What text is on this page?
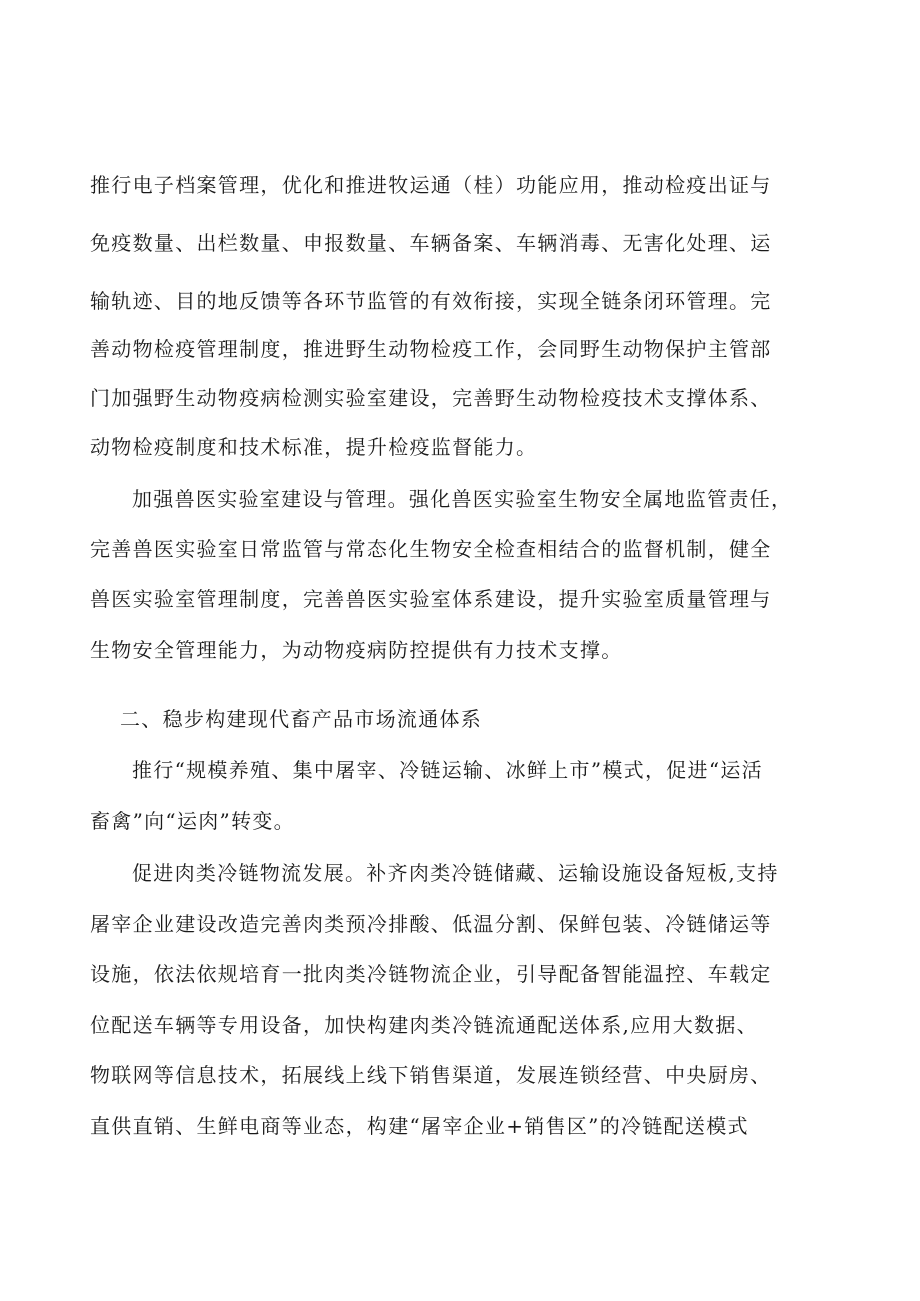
推行电子档案管理，优化和推进牧运通（桂）功能应用，推动检疫出证与

免疫数量、出栏数量、申报数量、车辆备案、车辆消毒、无害化处理、运

输轨迹、目的地反馈等各环节监管的有效衔接，实现全链条闭环管理。完

善动物检疫管理制度，推进野生动物检疫工作，会同野生动物保护主管部

门加强野生动物疫病检测实验室建设，完善野生动物检疫技术支撑体系、

动物检疫制度和技术标准，提升检疫监督能力。

加强兽医实验室建设与管理。强化兽医实验室生物安全属地监管责任，

完善兽医实验室日常监管与常态化生物安全检查相结合的监督机制，健全

兽医实验室管理制度，完善兽医实验室体系建设，提升实验室质量管理与

生物安全管理能力，为动物疫病防控提供有力技术支撑。

二、稳步构建现代畜产品市场流通体系

推行“规模养殖、集中屠宰、冷链运输、冰鲜上市”模式，促进“运活

畜禽”向“运肉”转变。

促进肉类冷链物流发展。补齐肉类冷链储藏、运输设施设备短板,支持

屠宰企业建设改造完善肉类预冷排酸、低温分割、保鲜包装、冷链储运等

设施，依法依规培育一批肉类冷链物流企业，引导配备智能温控、车载定

位配送车辆等专用设备，加快构建肉类冷链流通配送体系,应用大数据、

物联网等信息技术，拓展线上线下销售渠道，发展连锁经营、中央厨房、

直供直销、生鲜电商等业态，构建“屠宰企业+销售区”的冷链配送模式
